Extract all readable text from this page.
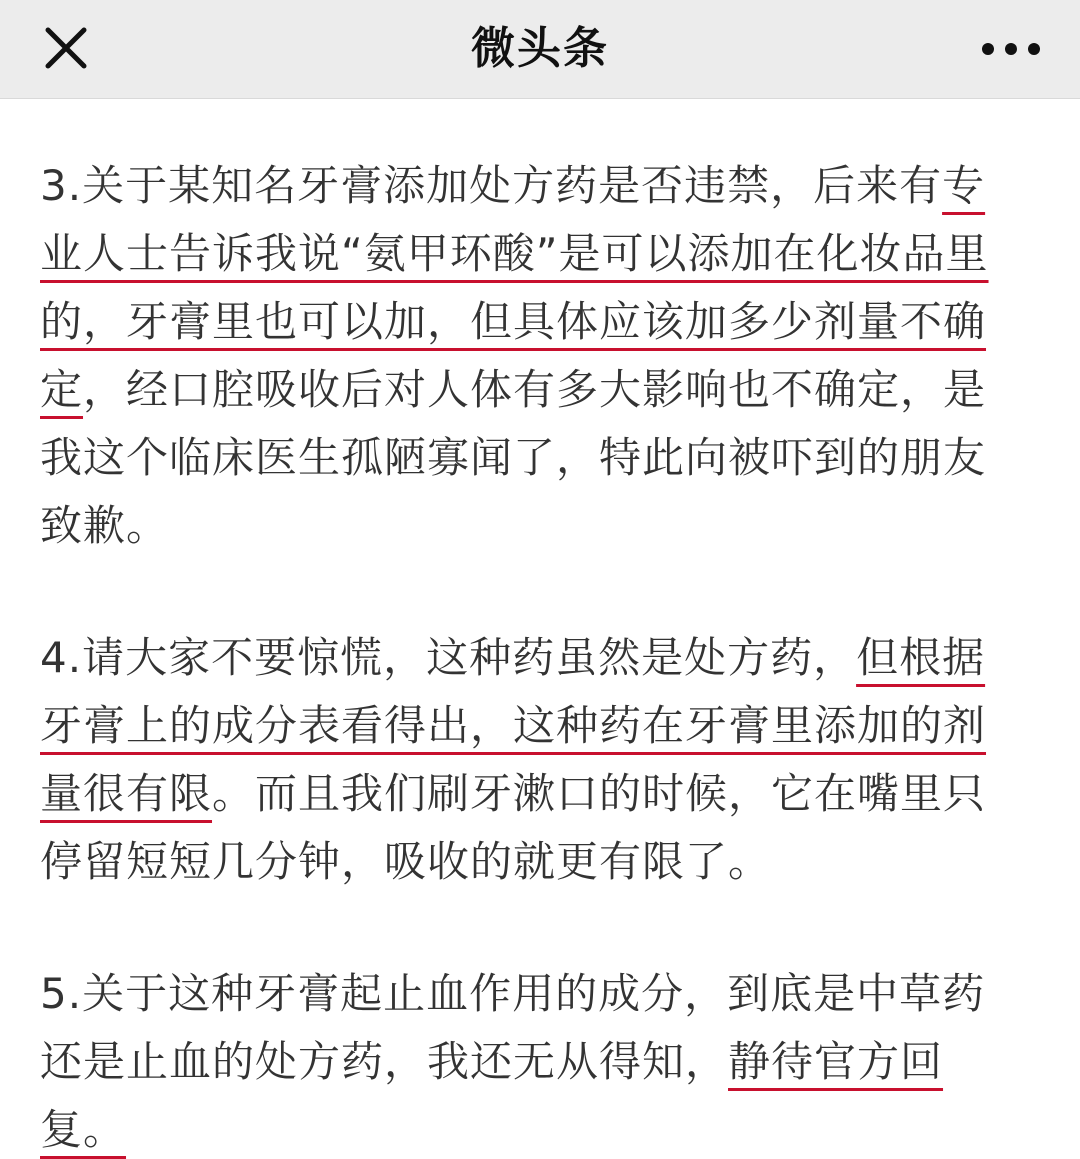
微头条

3.关于某知名牙膏添加处方药是否违禁，后来有专业人士告诉我说“氨甲环酸”是可以添加在化妆品里的，牙膏里也可以加，但具体应该加多少剂量不确定，经口腔吸收后对人体有多大影响也不确定，是我这个临床医生孤陋寡闻了，特此向被吓到的朋友致歉。

4.请大家不要惊慌，这种药虽然是处方药，但根据牙膏上的成分表看得出，这种药在牙膏里添加的剂量很有限。而且我们刷牙漱口的时候，它在嘴里只停留短短几分钟，吸收的就更有限了。

5.关于这种牙膏起止血作用的成分，到底是中草药还是止血的处方药，我还无从得知，静待官方回复。
